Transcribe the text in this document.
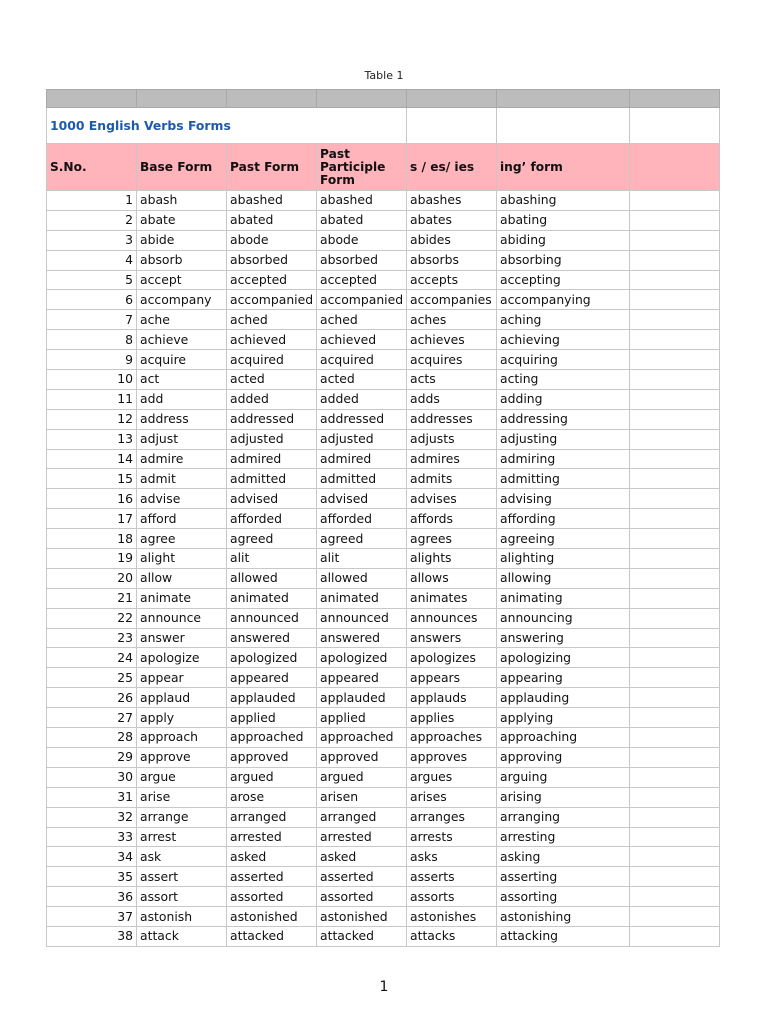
Table 1

1000 English Verbs Forms						
S.No.	Base Form	Past Form	Past Participle Form	s / es/ ies	ing’ form	
1	abash	abashed	abashed	abashes	abashing	
2	abate	abated	abated	abates	abating	
3	abide	abode	abode	abides	abiding	
4	absorb	absorbed	absorbed	absorbs	absorbing	
5	accept	accepted	accepted	accepts	accepting	
6	accompany	accompanied	accompanied	accompanies	accompanying	
7	ache	ached	ached	aches	aching	
8	achieve	achieved	achieved	achieves	achieving	
9	acquire	acquired	acquired	acquires	acquiring	
10	act	acted	acted	acts	acting	
11	add	added	added	adds	adding	
12	address	addressed	addressed	addresses	addressing	
13	adjust	adjusted	adjusted	adjusts	adjusting	
14	admire	admired	admired	admires	admiring	
15	admit	admitted	admitted	admits	admitting	
16	advise	advised	advised	advises	advising	
17	afford	afforded	afforded	affords	affording	
18	agree	agreed	agreed	agrees	agreeing	
19	alight	alit	alit	alights	alighting	
20	allow	allowed	allowed	allows	allowing	
21	animate	animated	animated	animates	animating	
22	announce	announced	announced	announces	announcing	
23	answer	answered	answered	answers	answering	
24	apologize	apologized	apologized	apologizes	apologizing	
25	appear	appeared	appeared	appears	appearing	
26	applaud	applauded	applauded	applauds	applauding	
27	apply	applied	applied	applies	applying	
28	approach	approached	approached	approaches	approaching	
29	approve	approved	approved	approves	approving	
30	argue	argued	argued	argues	arguing	
31	arise	arose	arisen	arises	arising	
32	arrange	arranged	arranged	arranges	arranging	
33	arrest	arrested	arrested	arrests	arresting	
34	ask	asked	asked	asks	asking	
35	assert	asserted	asserted	asserts	asserting	
36	assort	assorted	assorted	assorts	assorting	
37	astonish	astonished	astonished	astonishes	astonishing	
38	attack	attacked	attacked	attacks	attacking	
1
